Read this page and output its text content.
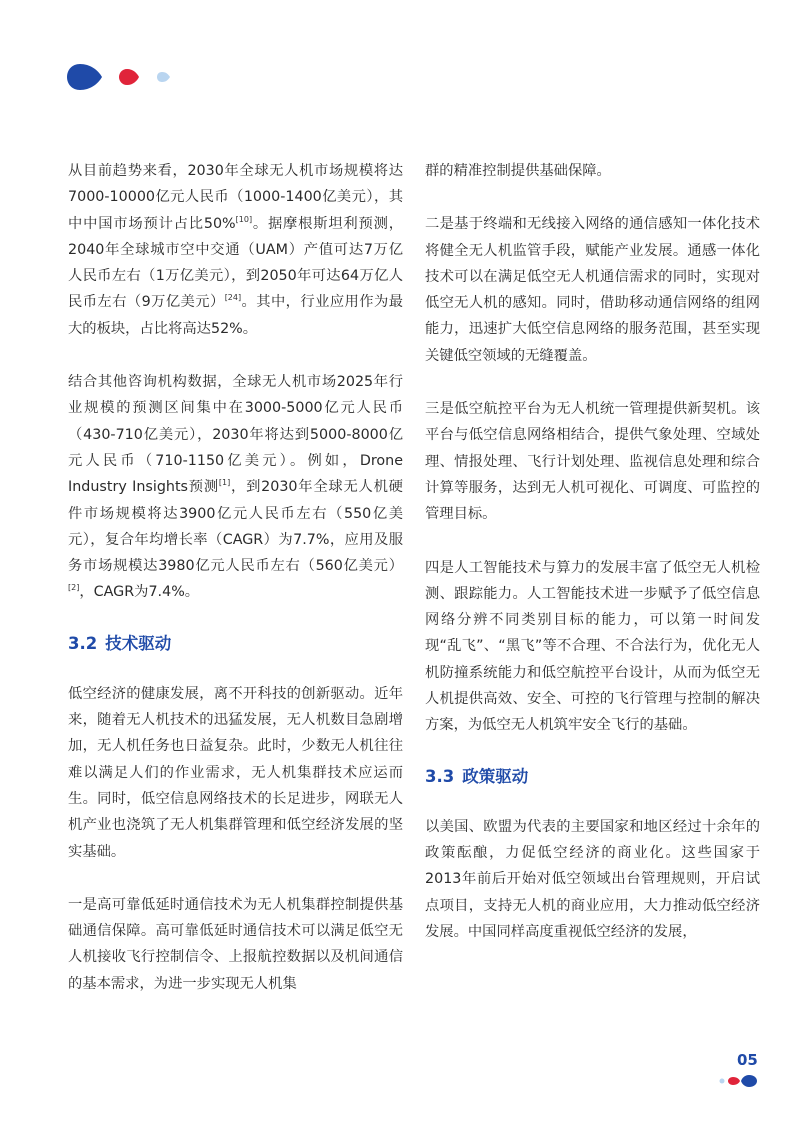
从目前趋势来看，2030年全球无人机市场规模将达7000-10000亿元人民币（1000-1400亿美元），其中中国市场预计占比50%[10]。据摩根斯坦利预测，2040年全球城市空中交通（UAM）产值可达7万亿人民币左右（1万亿美元），到2050年可达64万亿人民币左右（9万亿美元）[24]。其中，行业应用作为最大的板块，占比将高达52%。

结合其他咨询机构数据，全球无人机市场2025年行业规模的预测区间集中在3000-5000亿元人民币（430-710亿美元），2030年将达到5000-8000亿元人民币（710-1150亿美元）。例如，Drone Industry Insights预测[1]，到2030年全球无人机硬件市场规模将达3900亿元人民币左右（550亿美元），复合年均增长率（CAGR）为7.7%，应用及服务市场规模达3980亿元人民币左右（560亿美元）[2]，CAGR为7.4%。

3.2 技术驱动

低空经济的健康发展，离不开科技的创新驱动。近年来，随着无人机技术的迅猛发展，无人机数目急剧增加，无人机任务也日益复杂。此时，少数无人机往往难以满足人们的作业需求，无人机集群技术应运而生。同时，低空信息网络技术的长足进步，网联无人机产业也浇筑了无人机集群管理和低空经济发展的坚实基础。

一是高可靠低延时通信技术为无人机集群控制提供基础通信保障。高可靠低延时通信技术可以满足低空无人机接收飞行控制信令、上报航控数据以及机间通信的基本需求，为进一步实现无人机集

群的精准控制提供基础保障。

二是基于终端和无线接入网络的通信感知一体化技术将健全无人机监管手段，赋能产业发展。通感一体化技术可以在满足低空无人机通信需求的同时，实现对低空无人机的感知。同时，借助移动通信网络的组网能力，迅速扩大低空信息网络的服务范围，甚至实现关键低空领域的无缝覆盖。

三是低空航控平台为无人机统一管理提供新契机。该平台与低空信息网络相结合，提供气象处理、空域处理、情报处理、飞行计划处理、监视信息处理和综合计算等服务，达到无人机可视化、可调度、可监控的管理目标。

四是人工智能技术与算力的发展丰富了低空无人机检测、跟踪能力。人工智能技术进一步赋予了低空信息网络分辨不同类别目标的能力，可以第一时间发现“乱飞”、“黑飞”等不合理、不合法行为，优化无人机防撞系统能力和低空航控平台设计，从而为低空无人机提供高效、安全、可控的飞行管理与控制的解决方案，为低空无人机筑牢安全飞行的基础。

3.3 政策驱动

以美国、欧盟为代表的主要国家和地区经过十余年的政策酝酿，力促低空经济的商业化。这些国家于2013年前后开始对低空领域出台管理规则，开启试点项目，支持无人机的商业应用，大力推动低空经济发展。中国同样高度重视低空经济的发展，

05
